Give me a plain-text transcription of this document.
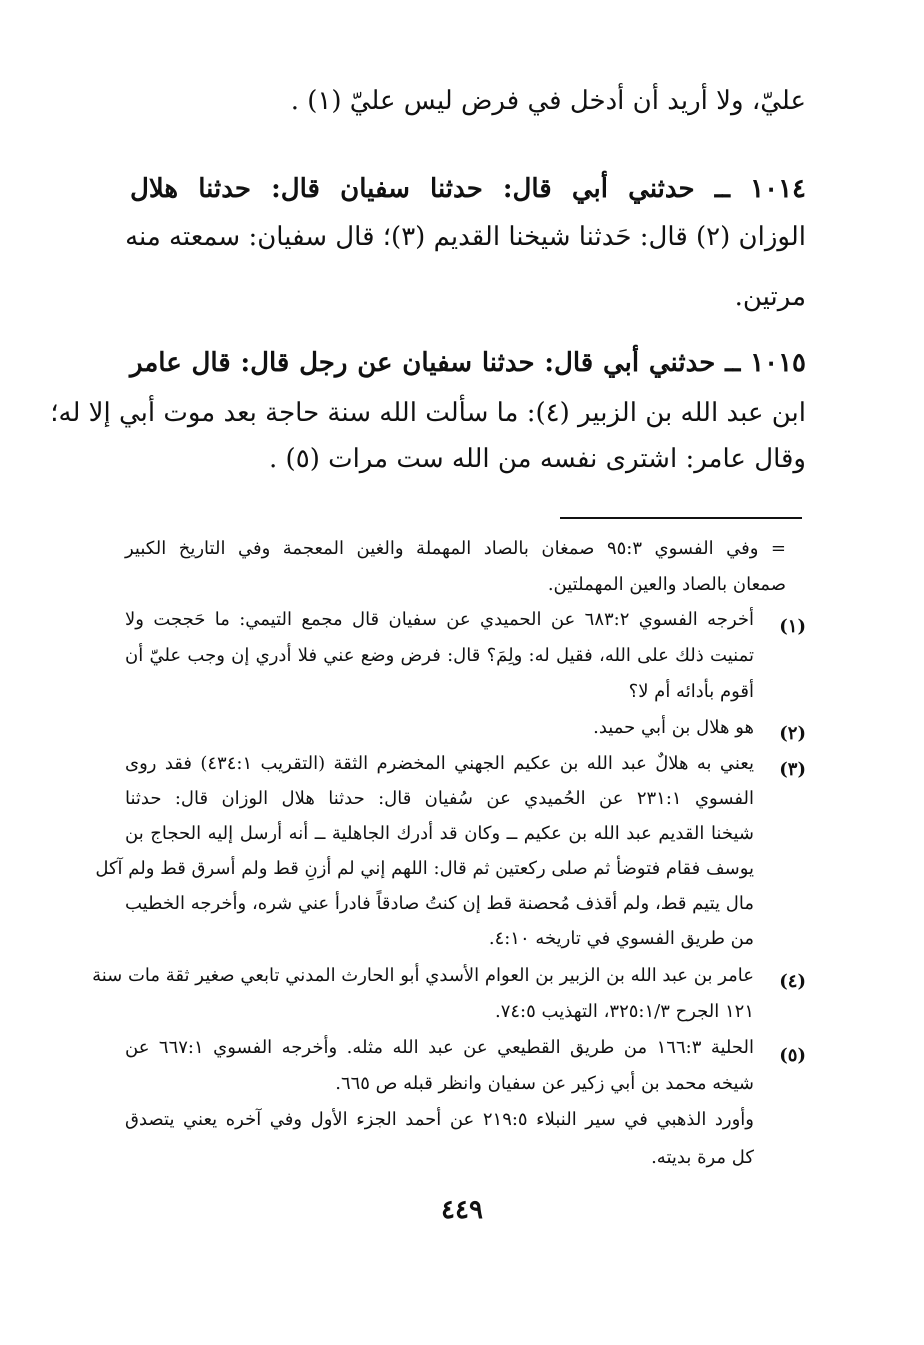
عليّ، ولا أريد أن أدخل في فرض ليس عليّ (١) .
١٠١٤ ــ حدثني أبي قال: حدثنا سفيان قال: حدثنا هلال
الوزان (٢) قال: حَدثنا شيخنا القديم (٣)؛ قال سفيان: سمعته منه
مرتين.
١٠١٥ ــ حدثني أبي قال: حدثنا سفيان عن رجل قال: قال عامر
ابن عبد الله بن الزبير (٤): ما سألت الله سنة حاجة بعد موت أبي إلا له؛
وقال عامر: اشترى نفسه من الله ست مرات (٥) .
= وفي الفسوي ٩٥:٣ صمغان بالصاد المهملة والغين المعجمة وفي التاريخ الكبير
صمعان بالصاد والعين المهملتين.
(١)
أخرجه الفسوي ٦٨٣:٢ عن الحميدي عن سفيان قال مجمع التيمي: ما حَججت ولا
تمنيت ذلك على الله، فقيل له: ولِمَ؟ قال: فرض وضع عني فلا أدري إن وجب عليّ أن
أقوم بأدائه أم لا؟
(٢)
هو هلال بن أبي حميد.
(٣)
يعني به هلالٌ عبد الله بن عكيم الجهني المخضرم الثقة (التقريب ٤٣٤:١) فقد روى
الفسوي ٢٣١:١ عن الحُميدي عن سُفيان قال: حدثنا هلال الوزان قال: حدثنا
شيخنا القديم عبد الله بن عكيم ــ وكان قد أدرك الجاهلية ــ أنه أرسل إليه الحجاج بن
يوسف فقام فتوضأ ثم صلى ركعتين ثم قال: اللهم إني لم أزنِ قط ولم أسرق قط ولم آكل
مال يتيم قط، ولم أقذف مُحصنة قط إن كنتُ صادقاً فادرأ عني شره، وأخرجه الخطيب
من طريق الفسوي في تاريخه ٤:١٠.
(٤)
عامر بن عبد الله بن الزبير بن العوام الأسدي أبو الحارث المدني تابعي صغير ثقة مات سنة
١٢١ الجرح ٣٢٥:١/٣، التهذيب ٧٤:٥.
(٥)
الحلية ١٦٦:٣ من طريق القطيعي عن عبد الله مثله. وأخرجه الفسوي ٦٦٧:١ عن
شيخه محمد بن أبي زكير عن سفيان وانظر قبله ص ٦٦٥.
وأورد الذهبي في سير النبلاء ٢١٩:٥ عن أحمد الجزء الأول وفي آخره يعني يتصدق
كل مرة بديته.
٤٤٩
